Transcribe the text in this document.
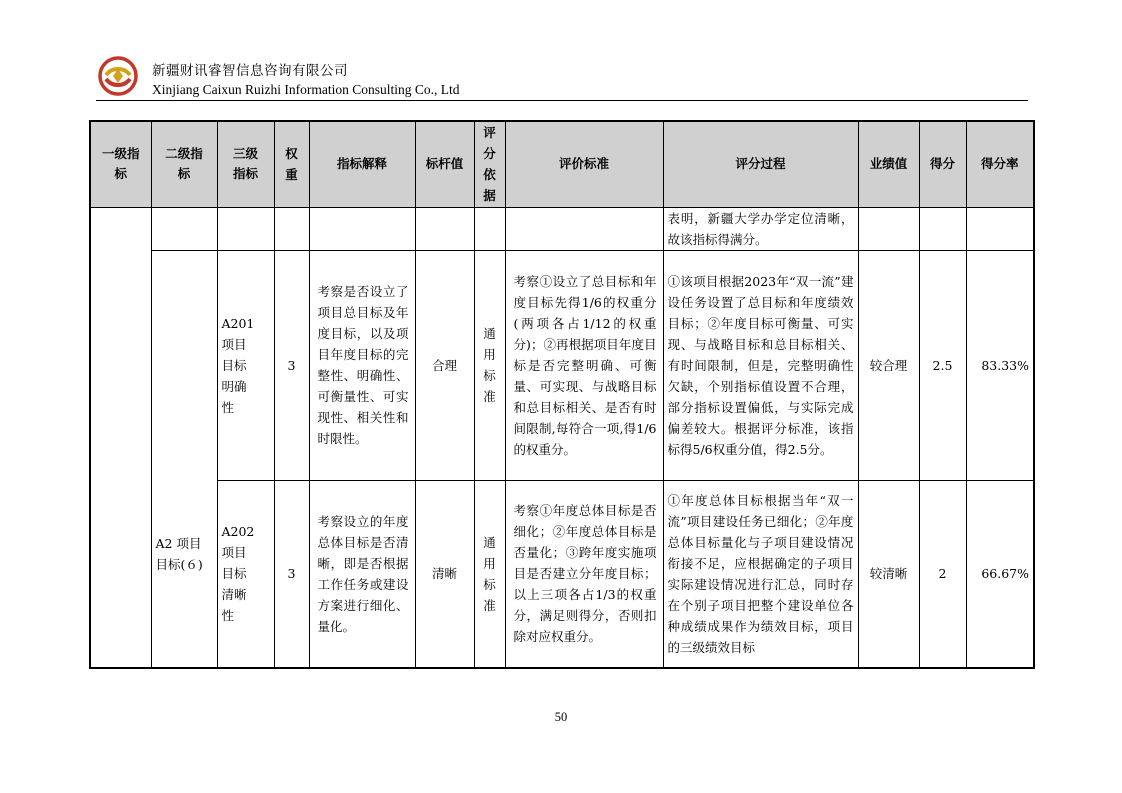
新疆财讯睿智信息咨询有限公司
Xinjiang Caixun Ruizhi Information Consulting Co., Ltd
一级指标	二级指标	三级指标	权重	指标解释	标杆值	评分依据	评价标准	评分过程	业绩值	得分	得分率
								表明，新疆大学办学定位清晰，故该指标得满分。			

	A2 项目目标(６)	A201项目目标明确性	3	考察是否设立了项目总目标及年度目标，以及项目年度目标的完整性、明确性、可衡量性、可实现性、相关性和时限性。	合理	通用标准	考察①设立了总目标和年度目标先得1/6的权重分(两项各占1/12的权重分)；②再根据项目年度目标是否完整明确、可衡量、可实现、与战略目标和总目标相关、是否有时间限制,每符合一项,得1/6的权重分。	①该项目根据2023年“双一流”建设任务设置了总目标和年度绩效目标；②年度目标可衡量、可实现、与战略目标和总目标相关、有时间限制，但是，完整明确性欠缺，个别指标值设置不合理，部分指标设置偏低，与实际完成偏差较大。根据评分标准，该指标得5/6权重分值，得2.5分。	较合理	2.5	83.33%

		A202项目目标清晰性	3	考察设立的年度总体目标是否清晰，即是否根据工作任务或建设方案进行细化、量化。	清晰	通用标准	考察①年度总体目标是否细化；②年度总体目标是否量化；③跨年度实施项目是否建立分年度目标；以上三项各占1/3的权重分，满足则得分，否则扣除对应权重分。	①年度总体目标根据当年“双一流”项目建设任务已细化；②年度总体目标量化与子项目建设情况衔接不足，应根据确定的子项目实际建设情况进行汇总，同时存在个别子项目把整个建设单位各种成绩成果作为绩效目标，项目的三级绩效目标	较清晰	2	66.67%
50
